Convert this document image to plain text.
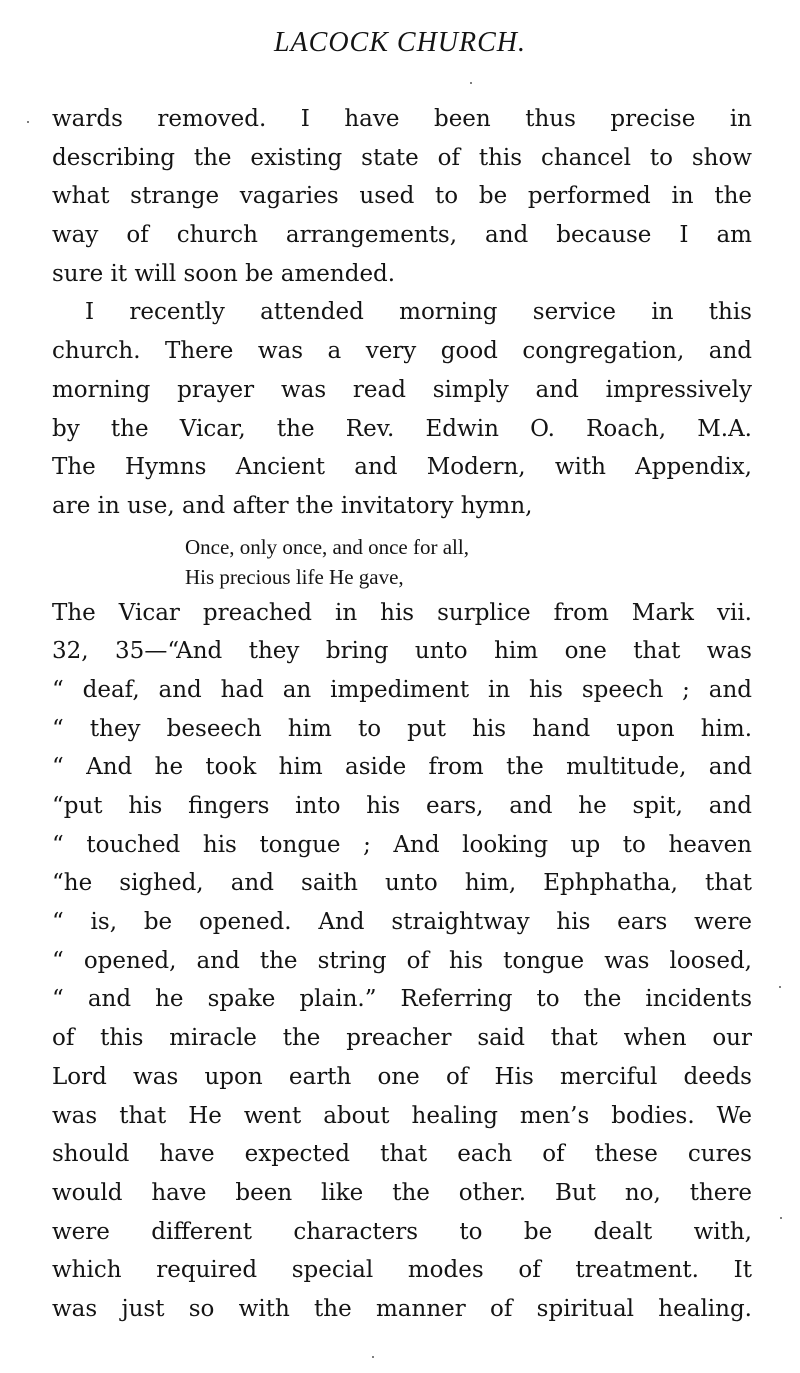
LACOCK CHURCH.
wards removed. I have been thus precise in
describing the existing state of this chancel to show
what strange vagaries used to be performed in the
way of church arrangements, and because I am
sure it will soon be amended.
I recently attended morning service in this
church. There was a very good congregation, and
morning prayer was read simply and impressively
by the Vicar, the Rev. Edwin O. Roach, M.A.
The Hymns Ancient and Modern, with Appendix,
are in use, and after the invitatory hymn,
Once, only once, and once for all,
His precious life He gave,
The Vicar preached in his surplice from Mark vii.
32, 35—“And they bring unto him one that was
“ deaf, and had an impediment in his speech ; and
“ they beseech him to put his hand upon him.
“ And he took him aside from the multitude, and
“put his fingers into his ears, and he spit, and
“ touched his tongue ; And looking up to heaven
“he sighed, and saith unto him, Ephphatha, that
“ is, be opened. And straightway his ears were
“ opened, and the string of his tongue was loosed,
“ and he spake plain.” Referring to the incidents
of this miracle the preacher said that when our
Lord was upon earth one of His merciful deeds
was that He went about healing men’s bodies. We
should have expected that each of these cures
would have been like the other. But no, there
were different characters to be dealt with,
which required special modes of treatment. It
was just so with the manner of spiritual healing.
